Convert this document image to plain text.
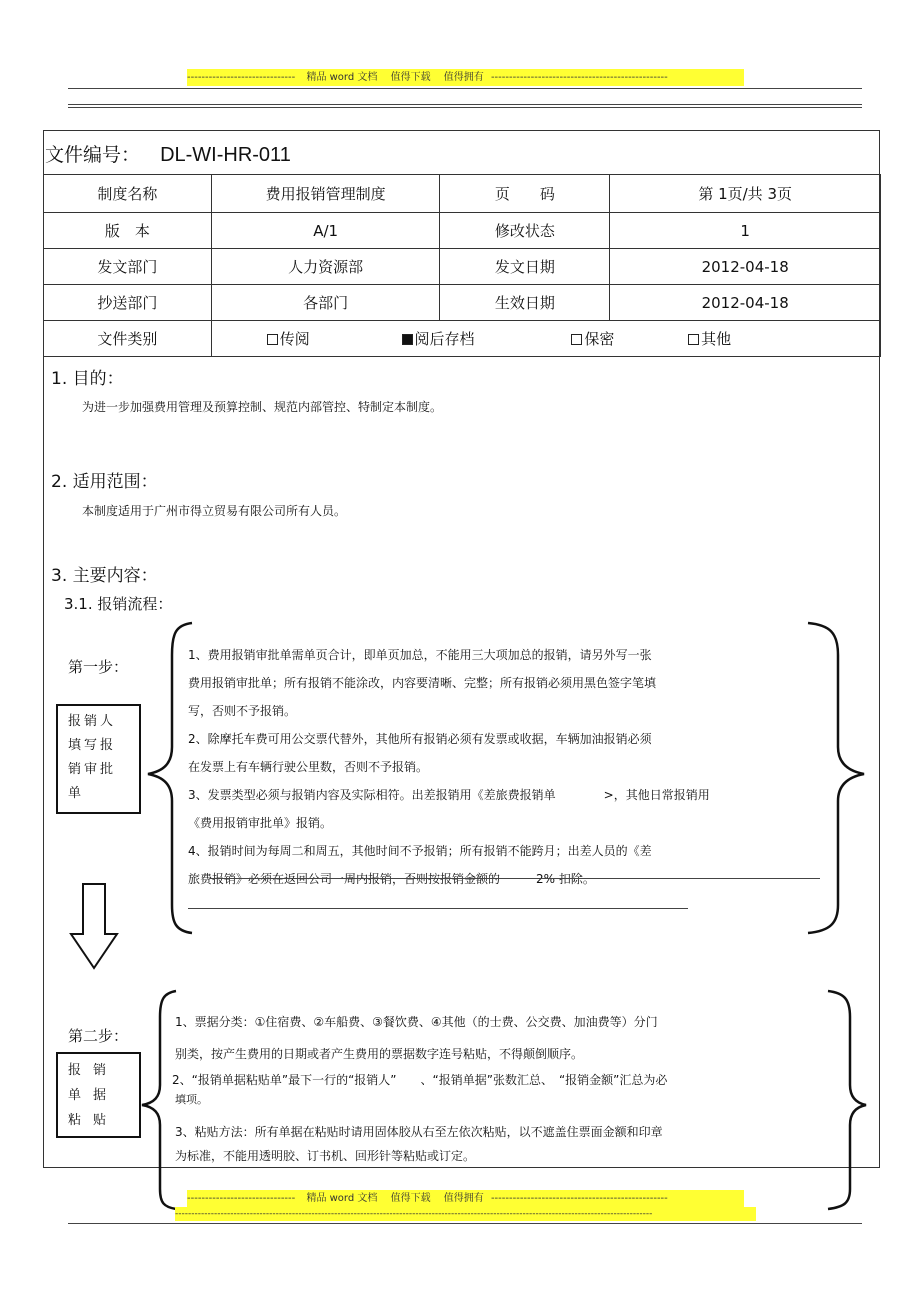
------------------------------ 精品 word 文档 值得下载 值得拥有 -------------------------------------------------
文件编号： DL-WI-HR-011
制度名称	费用报销管理制度	页　　码	第 1页/共 3页
版　本	A/1	修改状态	1
发文部门	人力资源部	发文日期	2012-04-18
抄送部门	各部门	生效日期	2012-04-18
文件类别	传阅 阅后存档 保密 其他		
1. 目的：
为进一步加强费用管理及预算控制、规范内部管控、特制定本制度。
2. 适用范围：
本制度适用于广州市得立贸易有限公司所有人员。
3. 主要内容：
3.1. 报销流程：
第一步：
报销人填写报销审批单

1、费用报销审批单需单页合计，即单页加总，不能用三大项加总的报销，请另外写一张

费用报销审批单；所有报销不能涂改，内容要清晰、完整；所有报销必须用黑色签字笔填

写，否则不予报销。

2、除摩托车费可用公交票代替外，其他所有报销必须有发票或收据，车辆加油报销必须

在发票上有车辆行驶公里数，否则不予报销。

3、发票类型必须与报销内容及实际相符。出差报销用《差旅费报销单　　　　>，其他日常报销用

《费用报销审批单》报销。

4、报销时间为每周二和周五，其他时间不予报销；所有报销不能跨月；出差人员的《差

旅费报销》必须在返回公司一周内报销，否则按报销金额的　　　2% 扣除。

第二步：
报销单据粘贴

1、票据分类：①住宿费、②车船费、③餐饮费、④其他（的士费、公交费、加油费等）分门

别类，按产生费用的日期或者产生费用的票据数字连号粘贴，不得颠倒顺序。

2、“报销单据粘贴单”最下一行的“报销人”　　、“报销单据”张数汇总、　“报销金额”汇总为必

填项。

3、粘贴方法：所有单据在粘贴时请用固体胶从右至左依次粘贴，以不遮盖住票面金额和印章

为标准，不能用透明胶、订书机、回形针等粘贴或订定。

------------------------------ 精品 word 文档 值得下载 值得拥有 -------------------------------------------------
---------------------------------------------------------------------------------------------------------------------------------------------------
